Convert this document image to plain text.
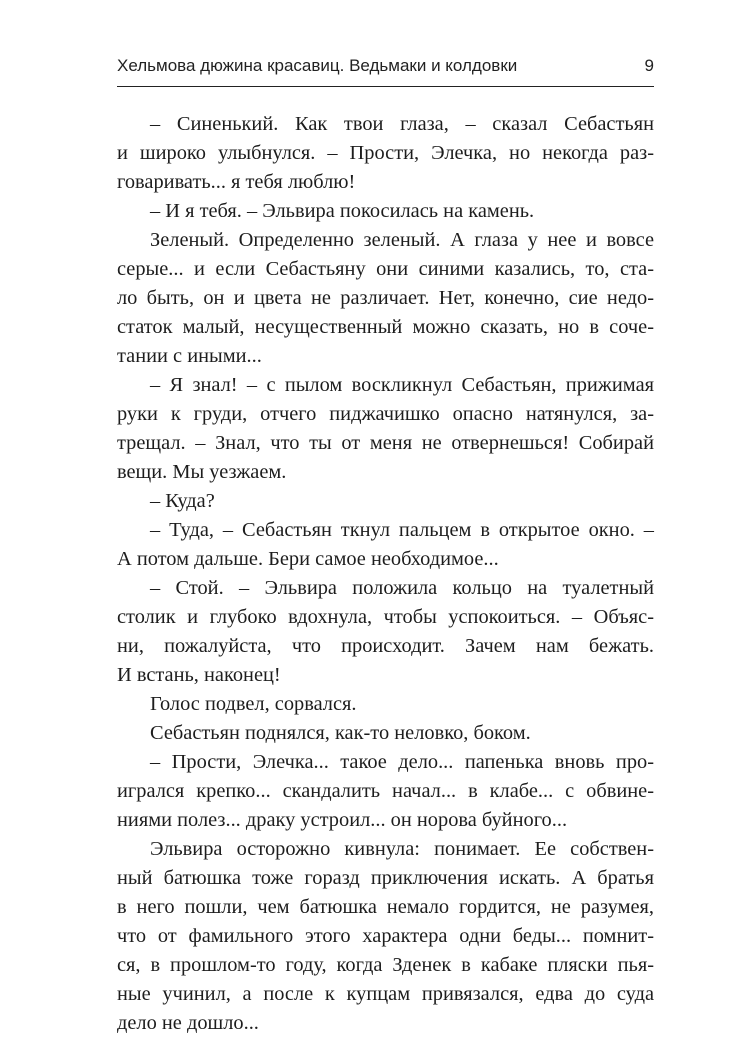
Хельмова дюжина красавиц. Ведьмаки и колдовки	9
– Синенький. Как твои глаза, – сказал Себастьян
и широко улыбнулся. – Прости, Элечка, но некогда раз-
говаривать... я тебя люблю!
– И я тебя. – Эльвира покосилась на камень.
Зеленый. Определенно зеленый. А глаза у нее и вовсе
серые... и если Себастьяну они синими казались, то, ста-
ло быть, он и цвета не различает. Нет, конечно, сие недо-
статок малый, несущественный можно сказать, но в сочe-
тании с иными...
– Я знал! – с пылом воскликнул Себастьян, прижимая
руки к груди, отчего пиджачишко опасно натянулся, за-
трещал. – Знал, что ты от меня не отвернешься! Собирай
вещи. Мы уезжаем.
– Куда?
– Туда, – Себастьян ткнул пальцем в открытое окно. –
А потом дальше. Бери самое необходимое...
– Стой. – Эльвира положила кольцо на туалетный
столик и глубоко вдохнула, чтобы успокоиться. – Объяс-
ни, пожалуйста, что происходит. Зачем нам бежать.
И встань, наконец!
Голос подвел, сорвался.
Себастьян поднялся, как-то неловко, боком.
– Прости, Элечка... такое дело... папенька вновь про-
игрался крепко... скандалить начал... в клабе... с обвине-
ниями полез... драку устроил... он норова буйного...
Эльвира осторожно кивнула: понимает. Ее собствен-
ный батюшка тоже горазд приключения искать. А братья
в него пошли, чем батюшка немало гордится, не разумея,
что от фамильного этого характера одни беды... помнит-
ся, в прошлом-то году, когда Зденек в кабаке пляски пья-
ные учинил, а после к купцам привязался, едва до суда
дело не дошло...
